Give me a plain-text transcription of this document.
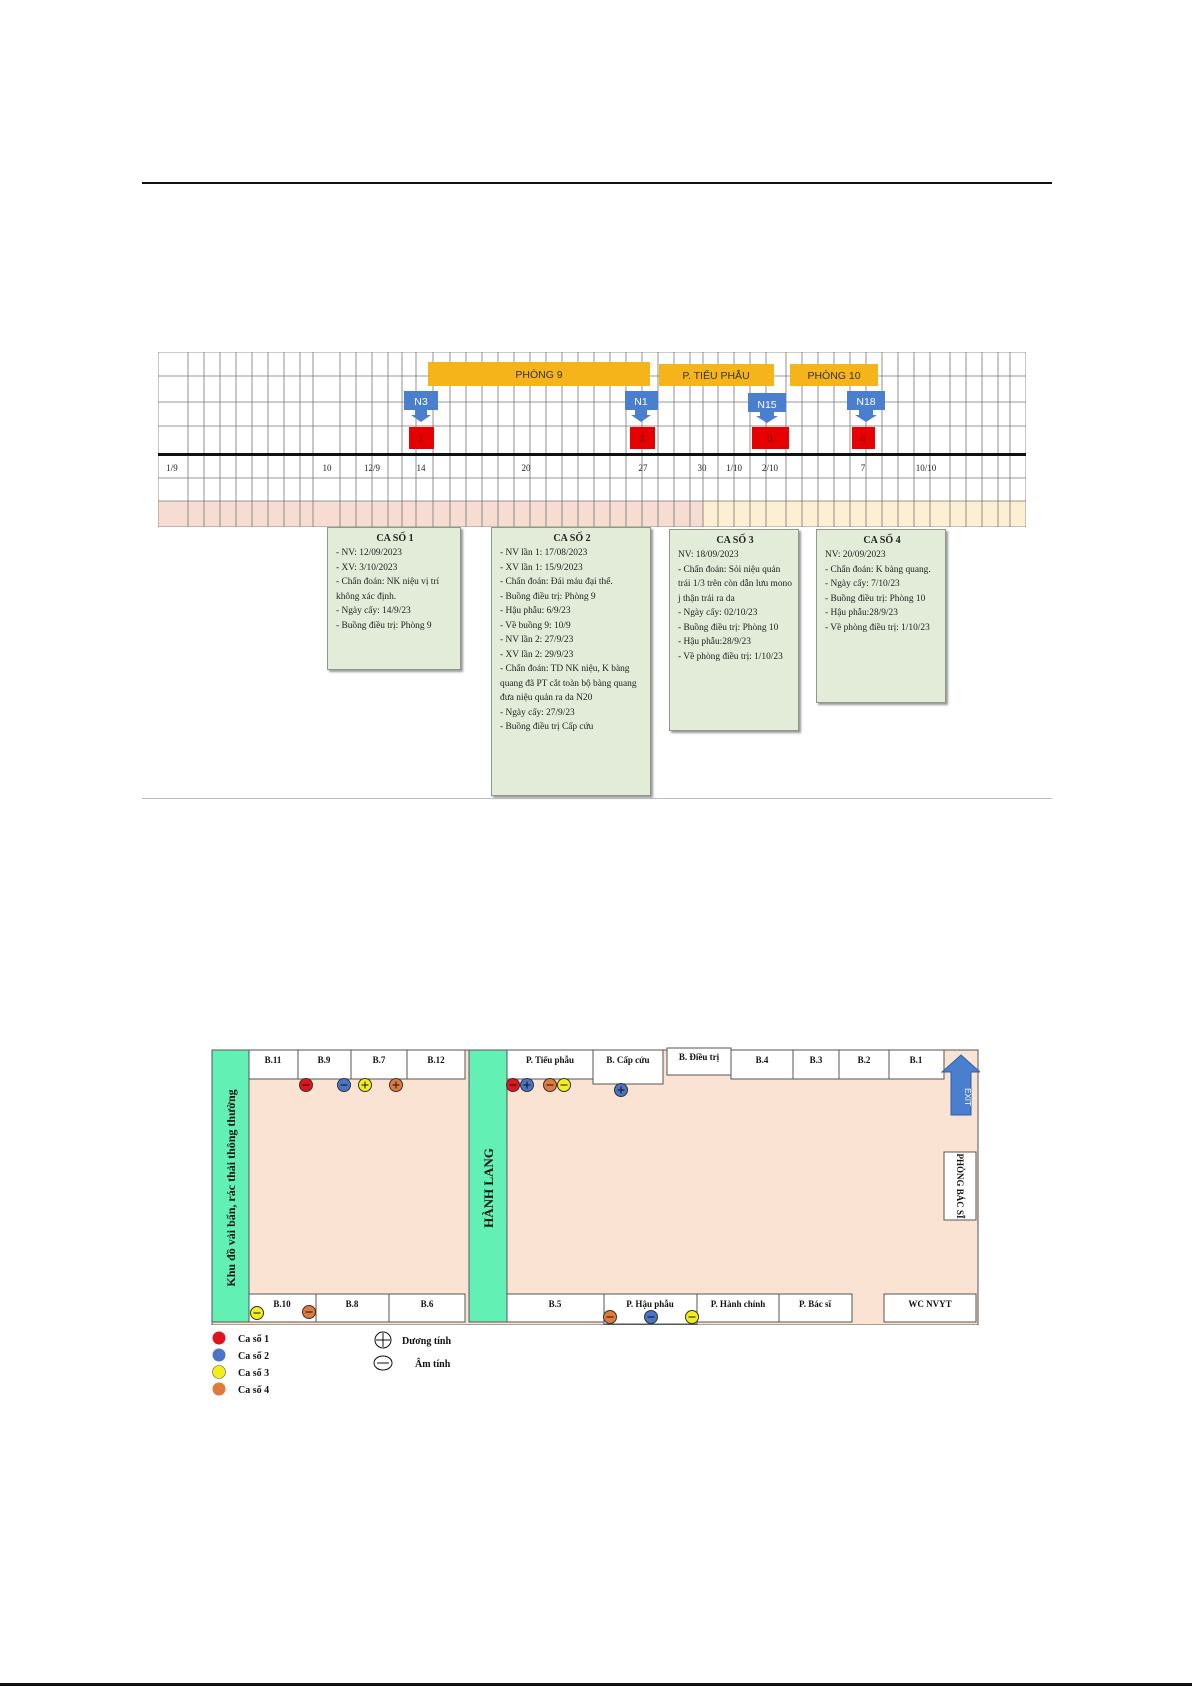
PHÒNG 9	P. TIỂU PHẪU	PHÒNG 10
N3	N1	N15	N18
1	2	3	4
1/9	10	12/9	14	20	27	30 1/10 2/10	7	10/10
CA SỐ 1
- NV: 12/09/2023
- XV: 3/10/2023
- Chẩn đoán: NK niệu vị trí không xác định.
- Ngày cấy: 14/9/23
- Buồng điều trị: Phòng 9
CA SỐ 2
- NV lần 1: 17/08/2023
- XV lần 1: 15/9/2023
- Chẩn đoán: Đái máu đại thể.
- Buồng điều trị: Phòng 9
- Hậu phẫu: 6/9/23
- Về buồng 9: 10/9
- NV lần 2: 27/9/23
- XV lần 2: 29/9/23
- Chẩn đoán: TD NK niệu, K bàng quang đã PT cắt toàn bộ bàng quang đưa niệu quản ra da N20
- Ngày cấy: 27/9/23
- Buồng điều trị Cấp cứu
CA SỐ 3
NV: 18/09/2023
- Chẩn đoán: Sỏi niệu quản trái 1/3 trên còn dẫn lưu mono j thận trái ra da
- Ngày cấy: 02/10/23
- Buồng điều trị: Phòng 10
- Hậu phẫu:28/9/23
- Về phòng điều trị: 1/10/23
CA SỐ 4
NV: 20/09/2023
- Chẩn đoán: K bàng quang.
- Ngày cấy: 7/10/23
- Buồng điều trị: Phòng 10
- Hậu phẫu:28/9/23
- Về phòng điều trị: 1/10/23
Khu đồ vải bẩn, rác thải thông thường	HÀNH LANG
B.11	B.9	B.7	B.12	P. Tiểu phẫu	B. Cấp cứu	B. Điều trị	B.4	B.3	B.2	B.1
EXIT
PHÒNG BÁC SĨ
B.10	B.8	B.6	B.5	P. Hậu phẫu	P. Hành chính	P. Bác sĩ	WC NVYT
Ca số 1
Ca số 2
Ca số 3
Ca số 4
Dương tính
Âm tính
